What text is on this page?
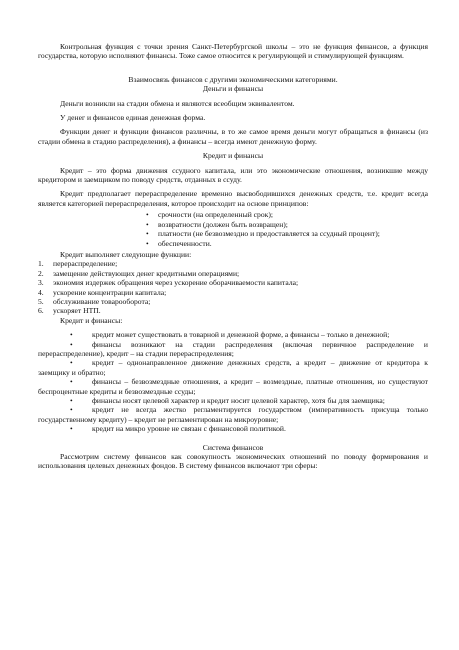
Контрольная функция с точки зрения Санкт-Петербургской школы – это не функция финансов, а функция государства, которую исполняют финансы. Тоже самое относится к регулирующей и стимулирующей функциям.

Взаимосвязь финансов с другими экономическими категориями.

Деньги и финансы

Деньги возникли на стадии обмена и являются всеобщим эквивалентом.

У денег и финансов единая денежная форма.

Функции денег и функции финансов различны, в то же самое время деньги могут обращаться в финансы (из стадии обмена в стадию распределения), а финансы – всегда имеют денежную форму.

Кредит и финансы

Кредит – это форма движения ссудного капитала, или это экономические отношения, возникшие между кредитором и заемщиком по поводу средств, отданных в ссуду.

Кредит предполагает перераспределение временно высвободившихся денежных средств, т.е. кредит всегда является категорией перераспределения, которое происходит на основе принципов:

• срочности (на определенный срок);
• возвратности (должен быть возвращен);
• платности (не безвозмездно и предоставляется за ссудный процент);
• обеспеченности.

Кредит выполняет следующие функции:

1. перераспределение;
2. замещение действующих денег кредитными операциями;
3. экономия издержек обращения через ускорение оборачиваемости капитала;
4. ускорение концентрации капитала;
5. обслуживание товарооборота;
6. ускоряет НТП.

Кредит и финансы:

•	кредит может существовать в товарной и денежной форме, а финансы – только в денежной;

•	финансы возникают на стадии распределения (включая первичное распределение и перераспределение), кредит – на стадии перераспределения;

•	кредит – однонаправленное движение денежных средств, а кредит – движение от кредитора к заемщику и обратно;

•	финансы – безвозмездные отношения, а кредит – возмездные, платные отношения, но существуют беспроцентные кредиты и безвозмездные ссуды;

•	финансы носят целевой характер и кредит носит целевой характер, хотя бы для заемщика;

•	кредит не всегда жестко регламентируется государством (императивность присуща только государственному кредиту) – кредит не регламентирован на микроуровне;

•	кредит на микро уровне не связан с финансовой политикой.

Система финансов

Рассмотрим систему финансов как совокупность экономических отношений по поводу формирования и использования целевых денежных фондов. В систему финансов включают три сферы:
